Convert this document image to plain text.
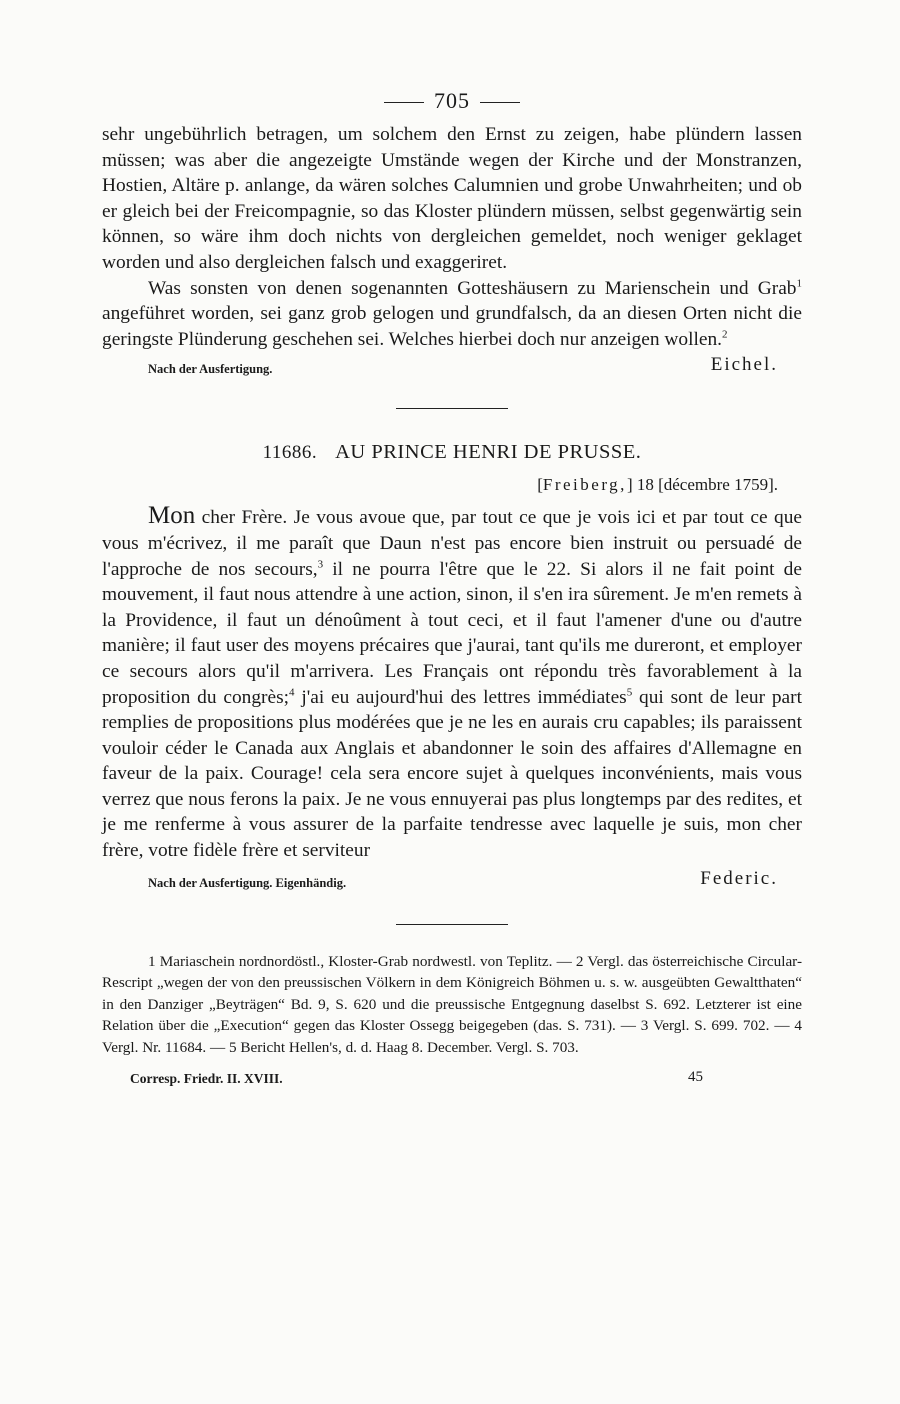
705

sehr ungebührlich betragen, um solchem den Ernst zu zeigen, habe plündern lassen müssen; was aber die angezeigte Umstände wegen der Kirche und der Monstranzen, Hostien, Altäre p. anlange, da wären solches Calumnien und grobe Unwahrheiten; und ob er gleich bei der Freicompagnie, so das Kloster plündern müssen, selbst gegenwärtig sein können, so wäre ihm doch nichts von dergleichen gemeldet, noch weniger geklaget worden und also dergleichen falsch und exaggeriret.

Was sonsten von denen sogenannten Gotteshäusern zu Marienschein und Grab$^1$ angeführet worden, sei ganz grob gelogen und grundfalsch, da an diesen Orten nicht die geringste Plünderung geschehen sei. Welches hierbei doch nur anzeigen wollen.$^2$

Nach der Ausfertigung.	Eichel.
11686. AU PRINCE HENRI DE PRUSSE.
[Freiberg,] 18 [décembre 1759].

Mon cher Frère. Je vous avoue que, par tout ce que je vois ici et par tout ce que vous m'écrivez, il me paraît que Daun n'est pas encore bien instruit ou persuadé de l'approche de nos secours,$^3$ il ne pourra l'être que le 22. Si alors il ne fait point de mouvement, il faut nous attendre à une action, sinon, il s'en ira sûrement. Je m'en remets à la Providence, il faut un dénoûment à tout ceci, et il faut l'amener d'une ou d'autre manière; il faut user des moyens précaires que j'aurai, tant qu'ils me dureront, et employer ce secours alors qu'il m'arrivera. Les Français ont répondu très favorablement à la proposition du congrès;$^4$ j'ai eu aujourd'hui des lettres immédiates$^5$ qui sont de leur part remplies de propositions plus modérées que je ne les en aurais cru capables; ils paraissent vouloir céder le Canada aux Anglais et abandonner le soin des affaires d'Allemagne en faveur de la paix. Courage! cela sera encore sujet à quelques inconvénients, mais vous verrez que nous ferons la paix. Je ne vous ennuyerai pas plus longtemps par des redites, et je me renferme à vous assurer de la parfaite tendresse avec laquelle je suis, mon cher frère, votre fidèle frère et serviteur

Nach der Ausfertigung. Eigenhändig.	Federic.
1 Mariaschein nordnordöstl., Kloster-Grab nordwestl. von Teplitz. — 2 Vergl. das österreichische Circular-Rescript „wegen der von den preussischen Völkern in dem Königreich Böhmen u. s. w. ausgeübten Gewaltthaten“ in den Danziger „Beyträgen“ Bd. 9, S. 620 und die preussische Entgegnung daselbst S. 692. Letzterer ist eine Relation über die „Execution“ gegen das Kloster Ossegg beigegeben (das. S. 731). — 3 Vergl. S. 699. 702. — 4 Vergl. Nr. 11684. — 5 Bericht Hellen's, d. d. Haag 8. December. Vergl. S. 703.
Corresp. Friedr. II. XVIII.	45
